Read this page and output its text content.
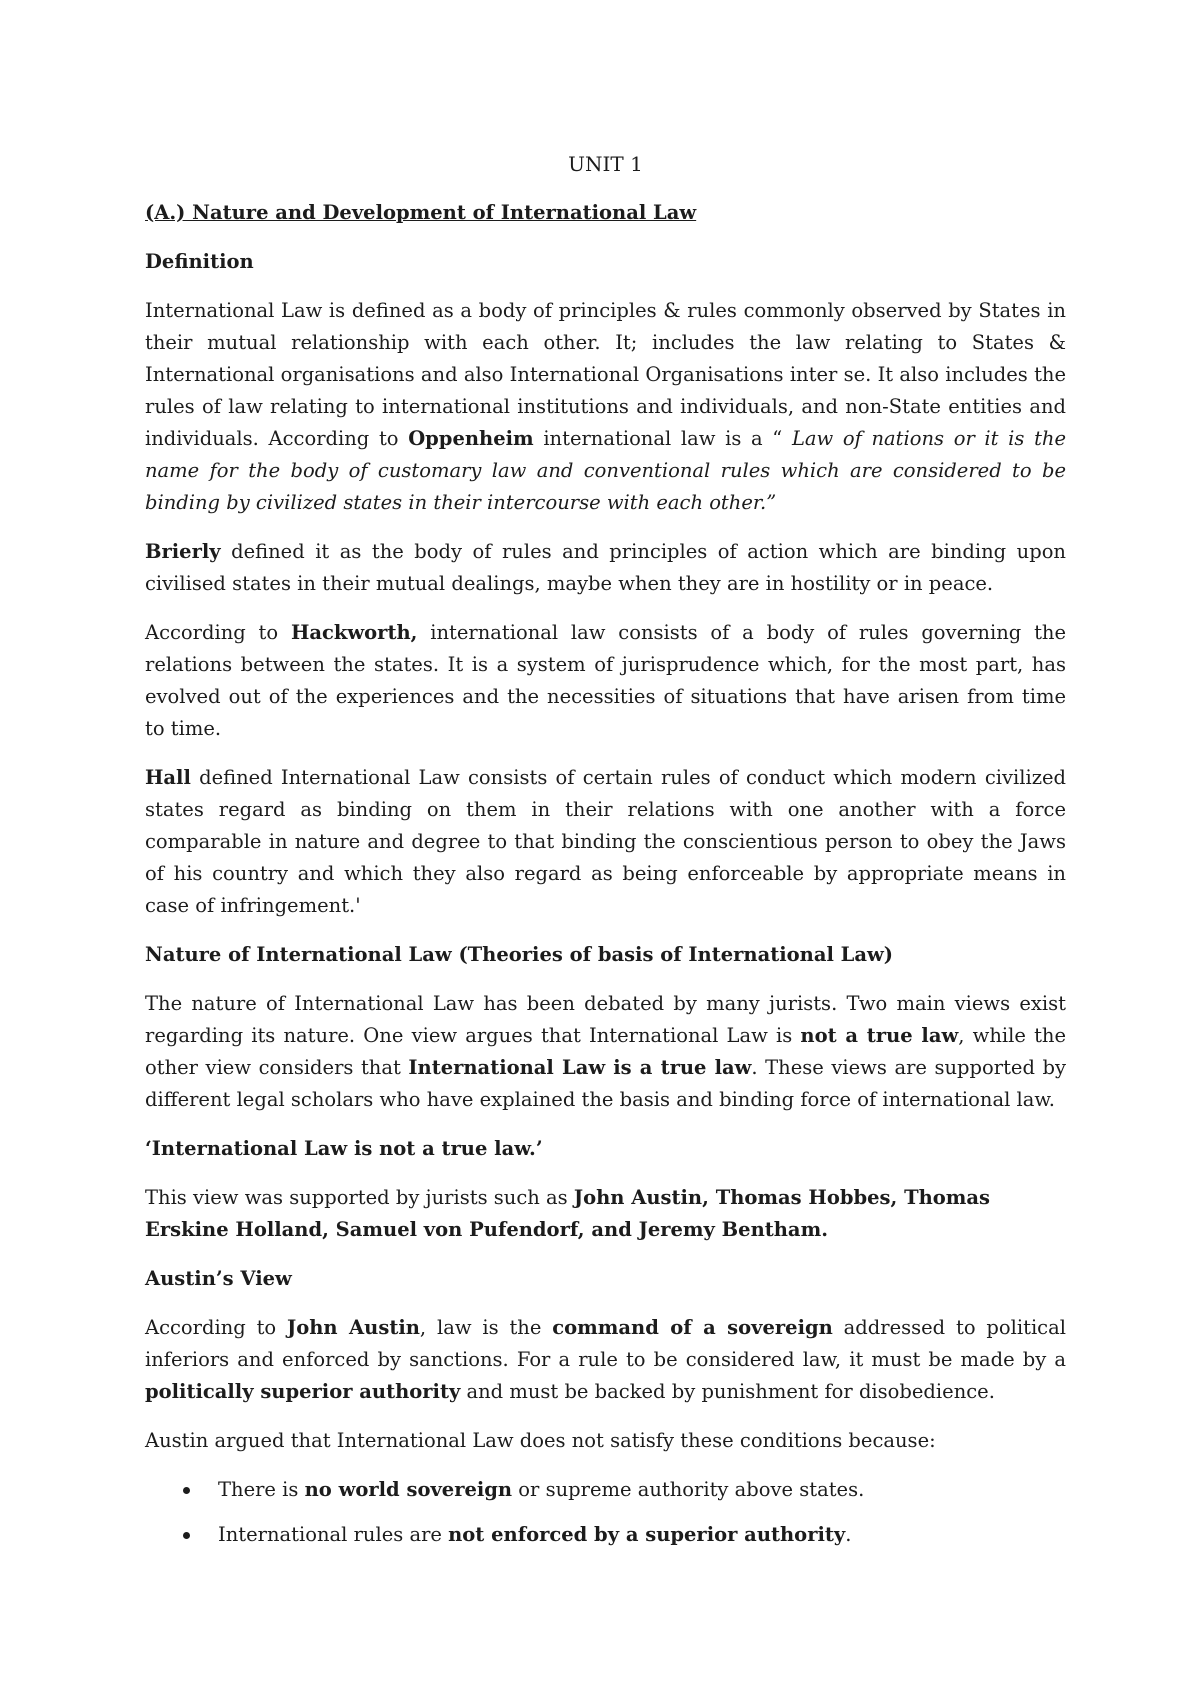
UNIT 1

(A.) Nature and Development of International Law

Definition

International Law is defined as a body of principles & rules commonly observed by States in their mutual relationship with each other. It; includes the law relating to States & International organisations and also International Organisations inter se. It also includes the rules of law relating to international institutions and individuals, and non-State entities and individuals. According to Oppenheim international law is a “ Law of nations or it is the name for the body of customary law and conventional rules which are considered to be binding by civilized states in their intercourse with each other.”

Brierly defined it as the body of rules and principles of action which are binding upon civilised states in their mutual dealings, maybe when they are in hostility or in peace.

According to Hackworth, international law consists of a body of rules governing the relations between the states. It is a system of jurisprudence which, for the most part, has evolved out of the experiences and the necessities of situations that have arisen from time to time.

Hall defined International Law consists of certain rules of conduct which modern civilized states regard as binding on them in their relations with one another with a force comparable in nature and degree to that binding the conscientious person to obey the Jaws of his country and which they also regard as being enforceable by appropriate means in case of infringement.'

Nature of International Law (Theories of basis of International Law)

The nature of International Law has been debated by many jurists. Two main views exist regarding its nature. One view argues that International Law is not a true law, while the other view considers that International Law is a true law. These views are supported by different legal scholars who have explained the basis and binding force of international law.

‘International Law is not a true law.’

This view was supported by jurists such as John Austin, Thomas Hobbes, Thomas Erskine Holland, Samuel von Pufendorf, and Jeremy Bentham.

Austin’s View

According to John Austin, law is the command of a sovereign addressed to political inferiors and enforced by sanctions. For a rule to be considered law, it must be made by a politically superior authority and must be backed by punishment for disobedience.

Austin argued that International Law does not satisfy these conditions because:

There is no world sovereign or supreme authority above states.
International rules are not enforced by a superior authority.
